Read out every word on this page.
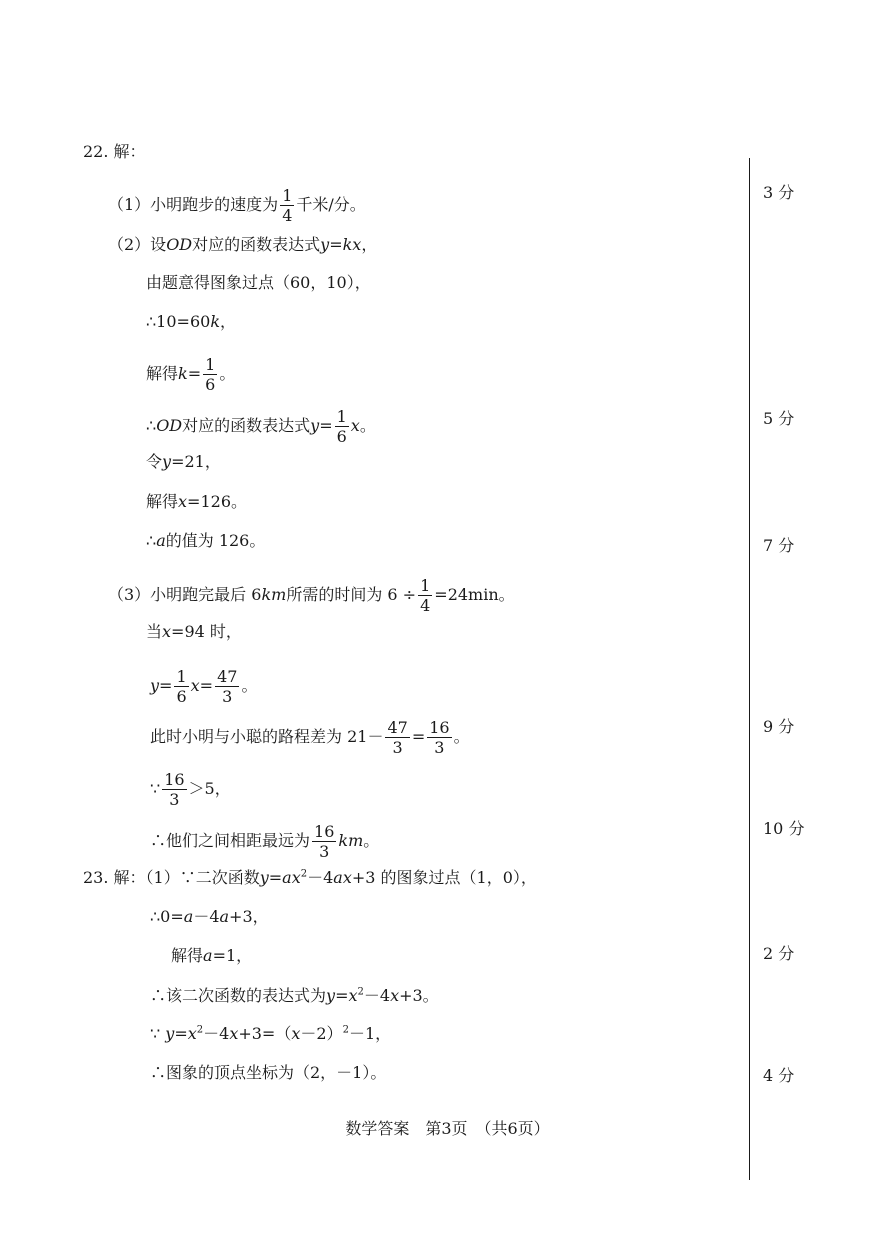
22. 解：
（1）小明跑步的速度为 $\frac{1}{4}$ 千米/分。
（2）设OD对应的函数表达式y=kx，
由题意得图象过点（60，10），
∴10=60k，
解得$k= \frac{1}{6}$ 。
∴OD对应的函数表达式$y= \frac{1}{6}$ x。
令y=21，
解得x=126。
∴a的值为 126。
（3）小明跑完最后 6km所需的时间为 $6 \div \frac{1}{4} =24\min$。
当x=94 时，
$y= \frac{1}{6} x= \frac{47}{3}$ 。
此时小明与小聪的路程差为 $21- \frac{47}{3} = \frac{16}{3}$ 。
∵ $\frac{16}{3} >5$，
∴他们之间相距最远为 $\frac{16}{3}$ km。
23. 解：（1）∵二次函数$y=ax^2-4ax+3$ 的图象过点（1，0），
∴0=a－4a+3，
解得a=1，
∴该二次函数的表达式为$y=x^2-4x+3$。
∵ $y=x^2-4x+3=(x-2)^2-1$，
∴图象的顶点坐标为（2，－1）。
3 分
5 分
7 分
9 分
10 分
2 分
4 分
数学答案　第3页　（共6页）
